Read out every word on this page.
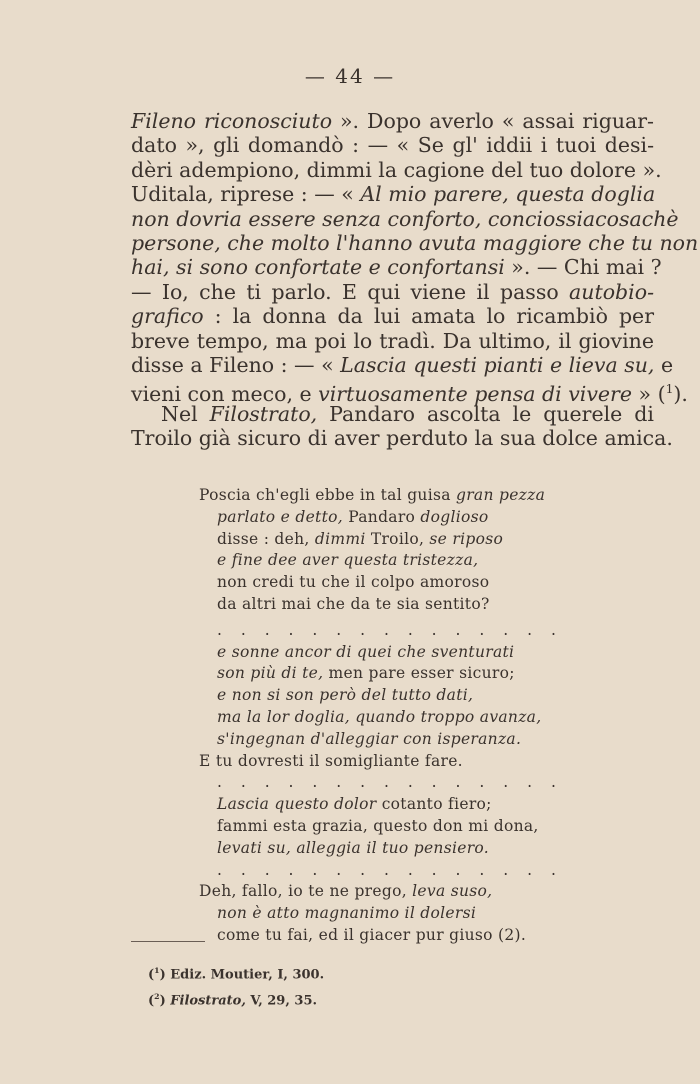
— 44 —
Fileno riconosciuto ». Dopo averlo « assai riguar-
dato », gli domandò : — « Se gl' iddii i tuoi desi-
dèri adempiono, dimmi la cagione del tuo dolore ».
Uditala, riprese : — « Al mio parere, questa doglia
non dovria essere senza conforto, conciossiacosachè
persone, che molto l'hanno avuta maggiore che tu non
hai, si sono confortate e confortansi ». — Chi mai ?
— Io, che ti parlo. E qui viene il passo autobio-
grafico : la donna da lui amata lo ricambiò per
breve tempo, ma poi lo tradì. Da ultimo, il giovine
disse a Fileno : — « Lascia questi pianti e lieva su, e
vieni con meco, e virtuosamente pensa di vivere » ($^1$).
Nel Filostrato, Pandaro ascolta le querele di
Troilo già sicuro di aver perduto la sua dolce amica.
Poscia ch'egli ebbe in tal guisa gran pezza
parlato e detto, Pandaro doglioso
disse : deh, dimmi Troilo, se riposo
e fine dee aver questa tristezza,
non credi tu che il colpo amoroso
da altri mai che da te sia sentito?
. . . . . . . . . . . . . . .
e sonne ancor di quei che sventurati
son più di te, men pare esser sicuro;
e non si son però del tutto dati,
ma la lor doglia, quando troppo avanza,
s'ingegnan d'alleggiar con isperanza.
E tu dovresti il somigliante fare.
. . . . . . . . . . . . . . .
Lascia questo dolor cotanto fiero;
fammi esta grazia, questo don mi dona,
levati su, alleggia il tuo pensiero.
. . . . . . . . . . . . . . .
Deh, fallo, io te ne prego, leva suso,
non è atto magnanimo il dolersi
come tu fai, ed il giacer pur giuso (2).
($^1$) Ediz. Moutier, I, 300.
($^2$) Filostrato, V, 29, 35.
